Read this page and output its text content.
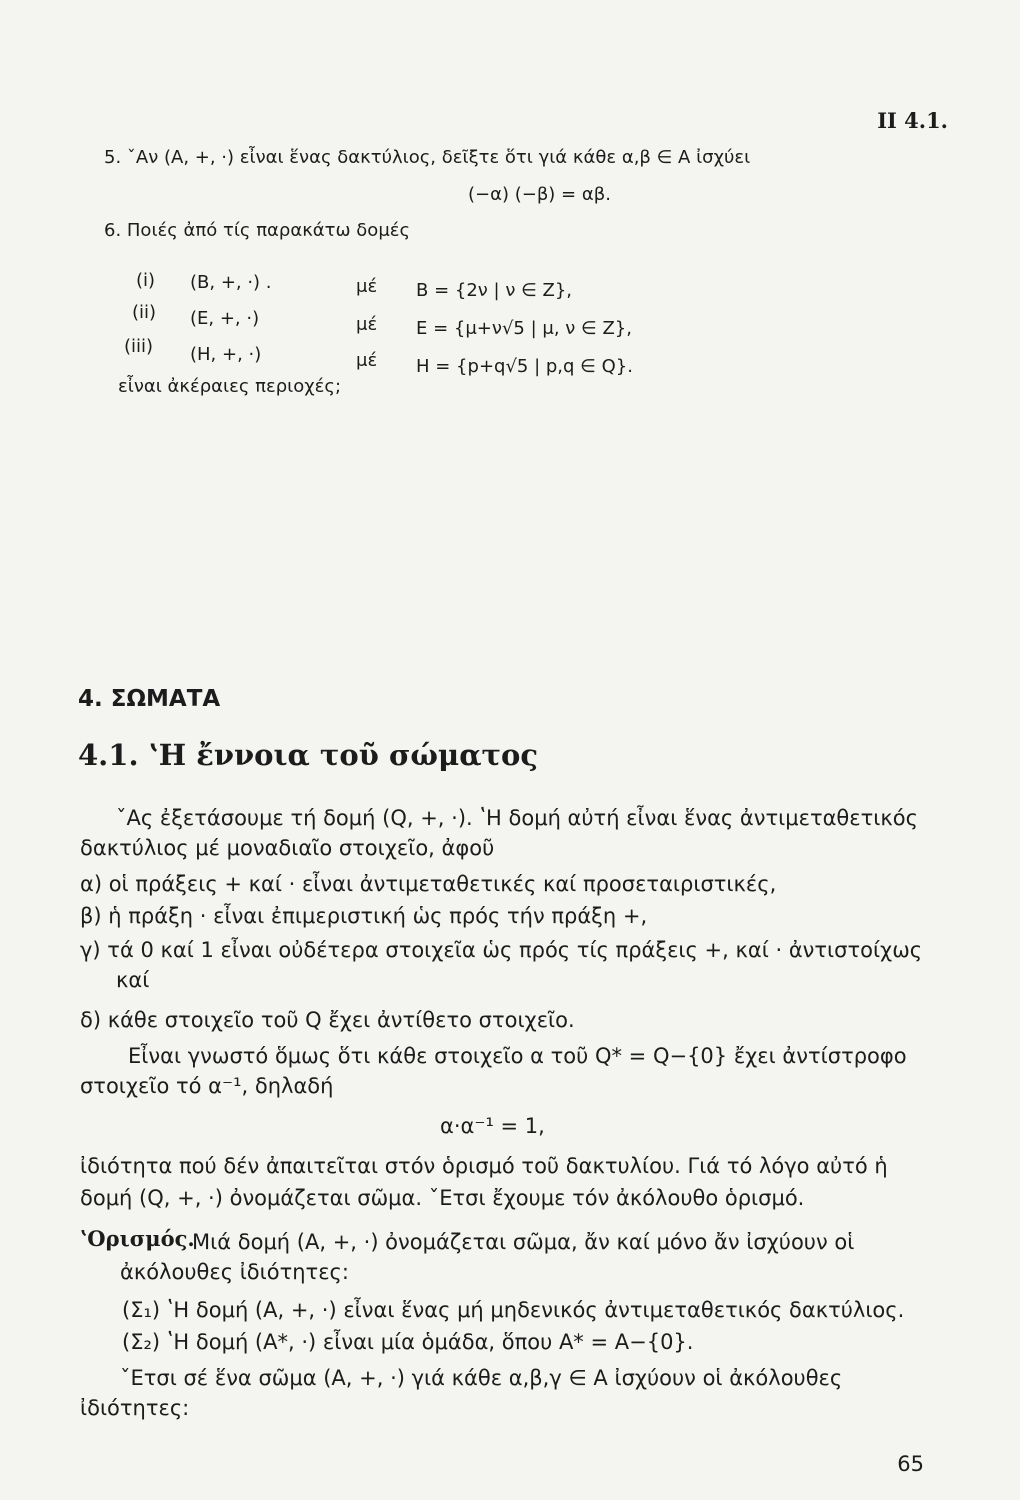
II 4.1.
5. ˇΑν (A, +, ·) εἶναι ἕνας δακτύλιος, δεῖξτε ὅτι γιά κάθε α,β ∈ A ἰσχύει
(−α) (−β) = αβ.
6. Ποιές ἀπό τίς παρακάτω δομές
(i) (B, +, ·) .	μέ B = {2ν | ν ∈ Z},
(ii) (E, +, ·)	μέ E = {μ+ν√5 | μ, ν ∈ Z},
(iii) (H, +, ·)	μέ H = {p+q√5 | p,q ∈ Q}.
εἶναι ἀκέραιες περιοχές;
4. ΣΩΜΑΤΑ
4.1. ʽΗ ἔννοια τοῦ σώματος
ˇΑς ἐξετάσουμε τή δομή (Q, +, ·). ʽΗ δομή αὐτή εἶναι ἕνας ἀντιμεταθετικός
δακτύλιος μέ μοναδιαῖο στοιχεῖο, ἀφοῦ
α) οἱ πράξεις + καί · εἶναι ἀντιμεταθετικές καί προσεταιριστικές,
β) ἡ πράξη · εἶναι ἐπιμεριστική ὡς πρός τήν πράξη +,
γ) τά 0 καί 1 εἶναι οὐδέτερα στοιχεῖα ὡς πρός τίς πράξεις +, καί · ἀντιστοίχως
καί
δ) κάθε στοιχεῖο τοῦ Q ἔχει ἀντίθετο στοιχεῖο.
Εἶναι γνωστό ὅμως ὅτι κάθε στοιχεῖο α τοῦ Q* = Q−{0} ἔχει ἀντίστροφο
στοιχεῖο τό α⁻¹, δηλαδή
α·α⁻¹ = 1,
ἰδιότητα πού δέν ἀπαιτεῖται στόν ὁρισμό τοῦ δακτυλίου. Γιά τό λόγο αὐτό ἡ
δομή (Q, +, ·) ὀνομάζεται σῶμα. ˇΕτσι ἔχουμε τόν ἀκόλουθο ὁρισμό.
ʽΟρισμός.
Μιά δομή (A, +, ·) ὀνομάζεται σῶμα, ἄν καί μόνο ἄν ἰσχύουν οἱ
ἀκόλουθες ἰδιότητες:
(Σ₁) ʽΗ δομή (A, +, ·) εἶναι ἕνας μή μηδενικός ἀντιμεταθετικός δακτύλιος.
(Σ₂) ʽΗ δομή (A*, ·) εἶναι μία ὁμάδα, ὅπου A* = A−{0}.
ˇΕτσι σέ ἕνα σῶμα (A, +, ·) γιά κάθε α,β,γ ∈ A ἰσχύουν οἱ ἀκόλουθες
ἰδιότητες:
65
